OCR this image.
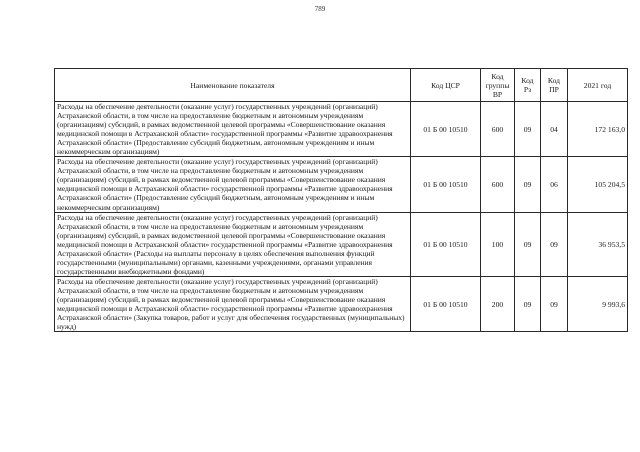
789
Наименование показателя	Код ЦСР	Код группы ВР	Код Рз	Код ПР	2021 год
Расходы на обеспечение деятельности (оказание услуг) государственных учреждений (организаций) Астраханской области, в том числе на предоставление бюджетным и автономным учреждениям (организациям) субсидий, в рамках ведомственной целевой программы «Совершенствование оказания медицинской помощи в Астраханской области» государственной программы «Развитие здравоохранения Астраханской области» (Предоставление субсидий бюджетным, автономным учреждениям и иным некоммерческим организациям)	01 Б 00 10510	600	09	04	172 163,0
Расходы на обеспечение деятельности (оказание услуг) государственных учреждений (организаций) Астраханской области, в том числе на предоставление бюджетным и автономным учреждениям (организациям) субсидий, в рамках ведомственной целевой программы «Совершенствование оказания медицинской помощи в Астраханской области» государственной программы «Развитие здравоохранения Астраханской области» (Предоставление субсидий бюджетным, автономным учреждениям и иным некоммерческим организациям)	01 Б 00 10510	600	09	06	105 204,5
Расходы на обеспечение деятельности (оказание услуг) государственных учреждений (организаций) Астраханской области, в том числе на предоставление бюджетным и автономным учреждениям (организациям) субсидий, в рамках ведомственной целевой программы «Совершенствование оказания медицинской помощи в Астраханской области» государственной программы «Развитие здравоохранения Астраханской области» (Расходы на выплаты персоналу в целях обеспечения выполнения функций государственными (муниципальными) органами, казенными учреждениями, органами управления государственными внебюджетными фондами)	01 Б 00 10510	100	09	09	36 953,5
Расходы на обеспечение деятельности (оказание услуг) государственных учреждений (организаций) Астраханской области, в том числе на предоставление бюджетным и автономным учреждениям (организациям) субсидий, в рамках ведомственной целевой программы «Совершенствование оказания медицинской помощи в Астраханской области» государственной программы «Развитие здравоохранения Астраханской области» (Закупка товаров, работ и услуг для обеспечения государственных (муниципальных) нужд)	01 Б 00 10510	200	09	09	9 993,6
